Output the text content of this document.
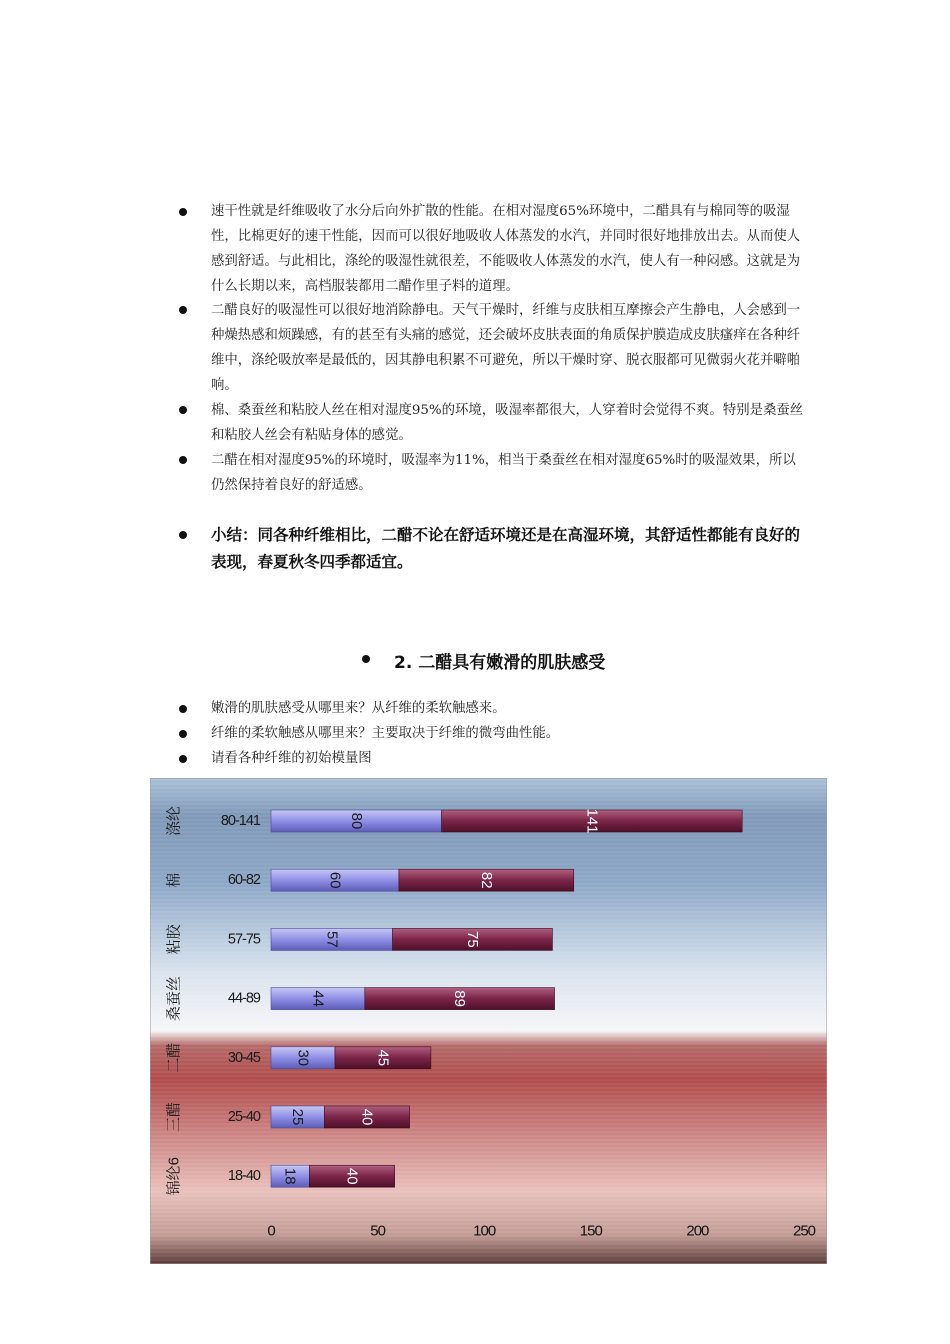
速干性就是纤维吸收了水分后向外扩散的性能。在相对湿度65%环境中，二醋具有与棉同等的吸湿性，比棉更好的速干性能，因而可以很好地吸收人体蒸发的水汽，并同时很好地排放出去。从而使人感到舒适。与此相比，涤纶的吸湿性就很差，不能吸收人体蒸发的水汽，使人有一种闷感。这就是为什么长期以来，高档服装都用二醋作里子料的道理。
二醋良好的吸湿性可以很好地消除静电。天气干燥时，纤维与皮肤相互摩擦会产生静电，人会感到一种燥热感和烦躁感，有的甚至有头痛的感觉，还会破坏皮肤表面的角质保护膜造成皮肤瘙痒在各种纤维中，涤纶吸放率是最低的，因其静电积累不可避免，所以干燥时穿、脱衣服都可见微弱火花并噼啪响。
棉、桑蚕丝和粘胶人丝在相对湿度95%的环境，吸湿率都很大，人穿着时会觉得不爽。特别是桑蚕丝和粘胶人丝会有粘贴身体的感觉。
二醋在相对湿度95%的环境时，吸湿率为11%，相当于桑蚕丝在相对湿度65%时的吸湿效果，所以仍然保持着良好的舒适感。
小结：同各种纤维相比，二醋不论在舒适环境还是在高湿环境，其舒适性都能有良好的表现，春夏秋冬四季都适宜。
2. 二醋具有嫩滑的肌肤感受
嫩滑的肌肤感受从哪里来？从纤维的柔软触感来。
纤维的柔软触感从哪里来？主要取决于纤维的微弯曲性能。
请看各种纤维的初始模量图
涤纶	80-141	80	141
棉	60-82	60	82
粘胶	57-75	57	75
桑蚕丝	44-89	44	89
二醋	30-45 30	45
三醋	25-40 25	40
锦纶6	18-40 18	40
0	50	100	150	200	250
